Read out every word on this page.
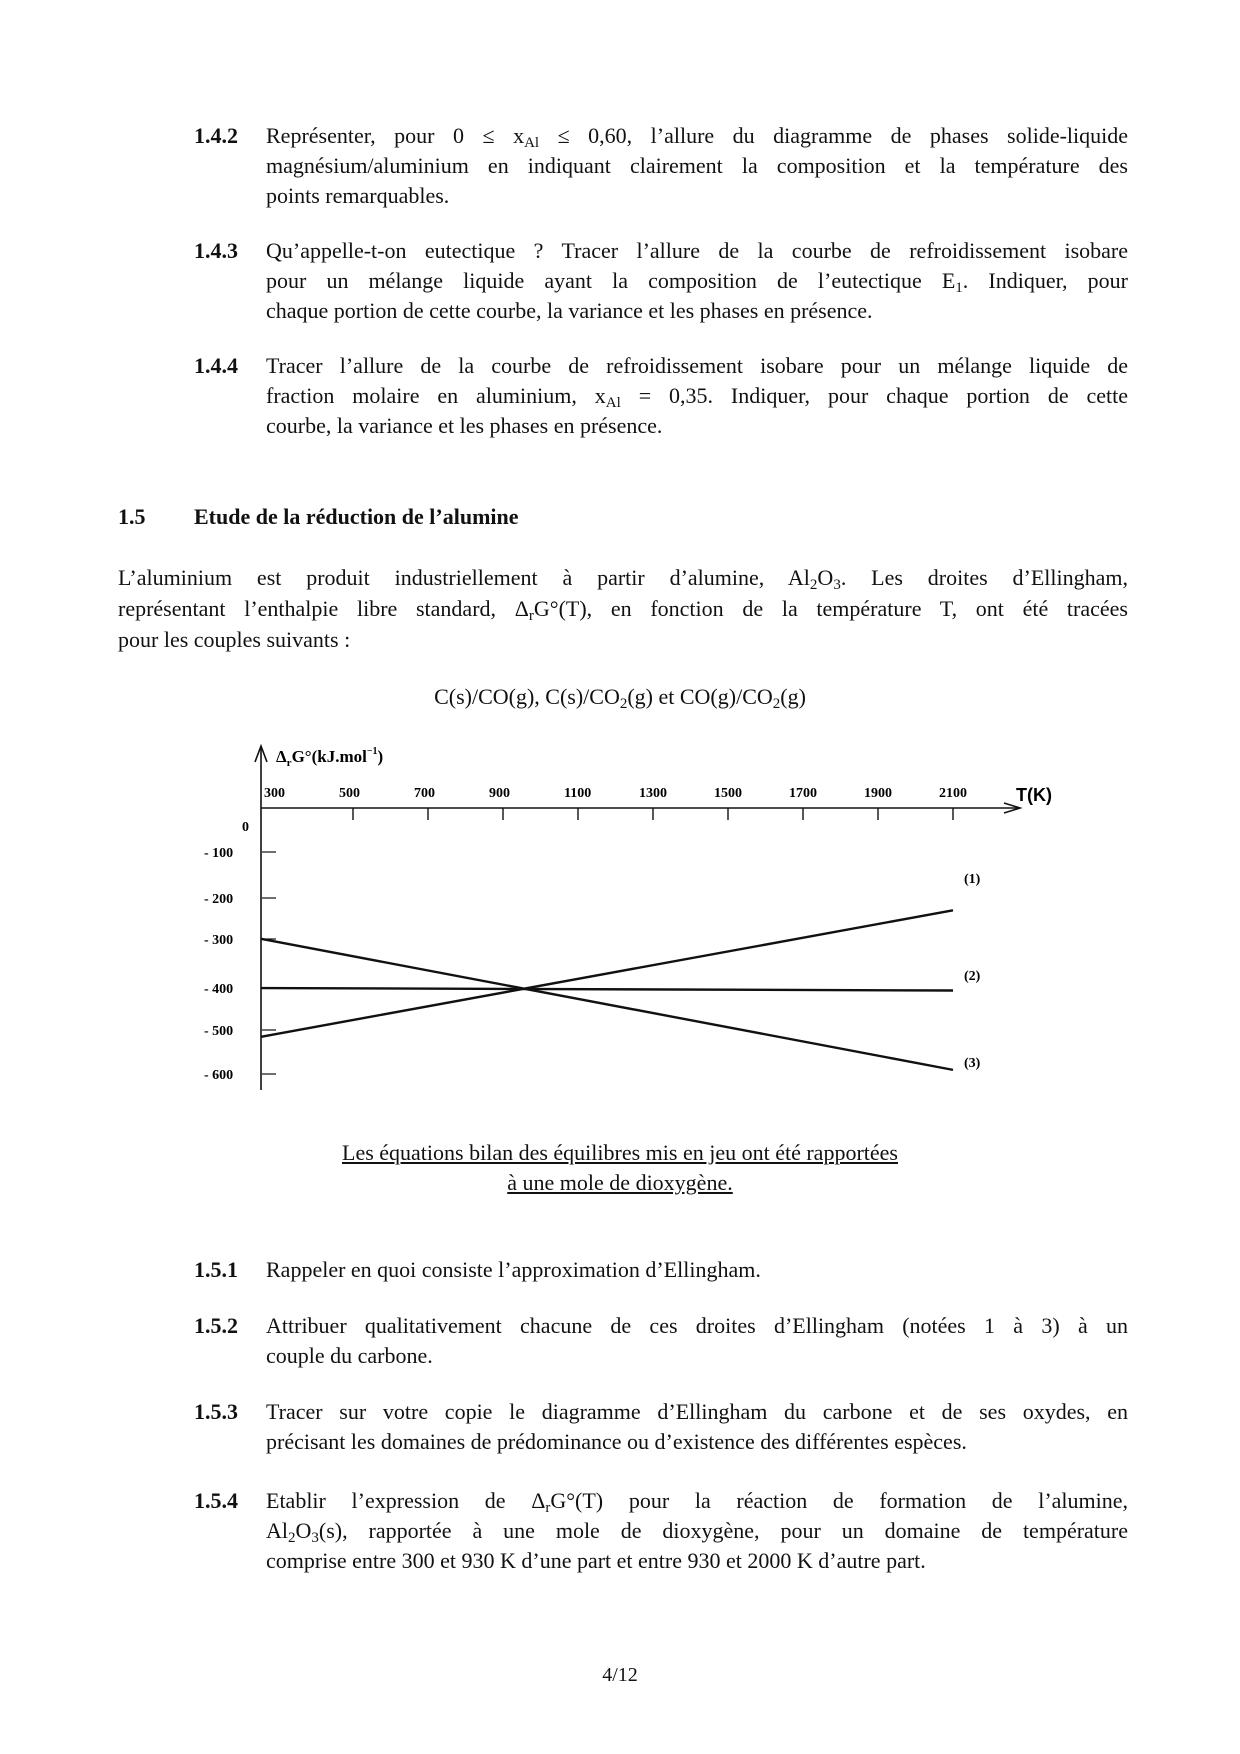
1.4.2 Représenter, pour $0 \le x_{Al} \le 0,60$, l’allure du diagramme de phases solide-liquide
magnésium/aluminium en indiquant clairement la composition et la température des
points remarquables.
1.4.3 Qu’appelle-t-on eutectique ? Tracer l’allure de la courbe de refroidissement isobare
pour un mélange liquide ayant la composition de l’eutectique $E_1$. Indiquer, pour
chaque portion de cette courbe, la variance et les phases en présence.
1.4.4 Tracer l’allure de la courbe de refroidissement isobare pour un mélange liquide de
fraction molaire en aluminium, $x_{Al} = 0,35$. Indiquer, pour chaque portion de cette
courbe, la variance et les phases en présence.
1.5 Etude de la réduction de l’alumine
L’aluminium est produit industriellement à partir d’alumine, $Al_2O_3$. Les droites d’Ellingham,
représentant l’enthalpie libre standard, $\Delta_rG^\circ(T)$, en fonction de la température T, ont été tracées
pour les couples suivants :
C(s)/CO(g), $C(s)/CO_2(g)$ et $CO(g)/CO_2(g)$
$\Delta_rG^\circ(kJ.mol^{-1})$
T(K)
300	500	700	900	1100	1300	1500	1700	1900	2100
0
- 100
- 200
- 300
- 400
- 500
- 600
(1)
(2)
(3)
Les équations bilan des équilibres mis en jeu ont été rapportées
à une mole de dioxygène.
1.5.1 Rappeler en quoi consiste l’approximation d’Ellingham.
1.5.2 Attribuer qualitativement chacune de ces droites d’Ellingham (notées 1 à 3) à un
couple du carbone.
1.5.3 Tracer sur votre copie le diagramme d’Ellingham du carbone et de ses oxydes, en
précisant les domaines de prédominance ou d’existence des différentes espèces.
1.5.4 Etablir l’expression de $\Delta_rG^\circ(T)$ pour la réaction de formation de l’alumine,
$Al_2O_3(s)$, rapportée à une mole de dioxygène, pour un domaine de température
comprise entre 300 et 930 K d’une part et entre 930 et 2000 K d’autre part.
4/12
